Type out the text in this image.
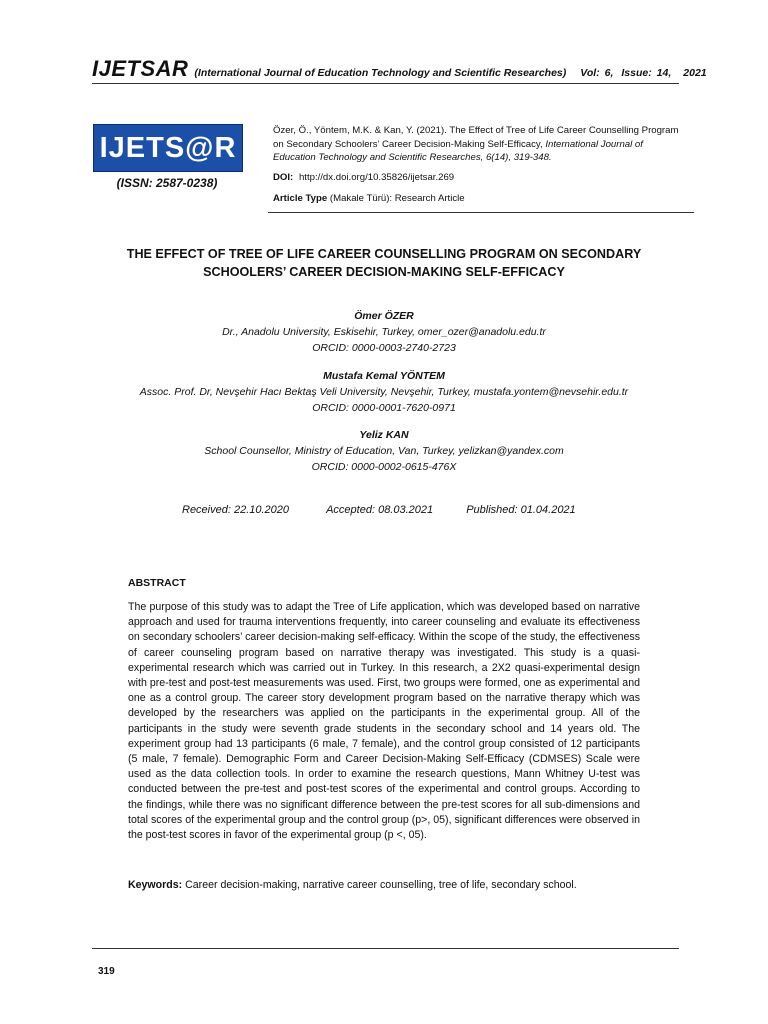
IJETSAR (International Journal of Education Technology and Scientific Researches) Vol: 6, Issue: 14, 2021
IJETS@R
(ISSN: 2587-0238)
Özer, Ö., Yöntem, M.K. & Kan, Y. (2021). The Effect of Tree of Life Career Counselling Program on Secondary Schoolers’ Career Decision-Making Self-Efficacy, International Journal of Education Technology and Scientific Researches, 6(14), 319-348.
DOI: http://dx.doi.org/10.35826/ijetsar.269
Article Type (Makale Türü): Research Article
THE EFFECT OF TREE OF LIFE CAREER COUNSELLING PROGRAM ON SECONDARY
SCHOOLERS’ CAREER DECISION-MAKING SELF-EFFICACY
Ömer ÖZER
Dr., Anadolu University, Eskisehir, Turkey, omer_ozer@anadolu.edu.tr
ORCID: 0000-0003-2740-2723
Mustafa Kemal YÖNTEM
Assoc. Prof. Dr, Nevşehir Hacı Bektaş Veli University, Nevşehir, Turkey, mustafa.yontem@nevsehir.edu.tr
ORCID: 0000-0001-7620-0971
Yeliz KAN
School Counsellor, Ministry of Education, Van, Turkey, yelizkan@yandex.com
ORCID: 0000-0002-0615-476X
Received: 22.10.2020	Accepted: 08.03.2021	Published: 01.04.2021
ABSTRACT
The purpose of this study was to adapt the Tree of Life application, which was developed based on narrative approach and used for trauma interventions frequently, into career counseling and evaluate its effectiveness on secondary schoolers’ career decision-making self-efficacy. Within the scope of the study, the effectiveness of career counseling program based on narrative therapy was investigated. This study is a quasi-experimental research which was carried out in Turkey. In this research, a 2X2 quasi-experimental design with pre-test and post-test measurements was used. First, two groups were formed, one as experimental and one as a control group. The career story development program based on the narrative therapy which was developed by the researchers was applied on the participants in the experimental group. All of the participants in the study were seventh grade students in the secondary school and 14 years old. The experiment group had 13 participants (6 male, 7 female), and the control group consisted of 12 participants (5 male, 7 female). Demographic Form and Career Decision-Making Self-Efficacy (CDMSES) Scale were used as the data collection tools. In order to examine the research questions, Mann Whitney U-test was conducted between the pre-test and post-test scores of the experimental and control groups. According to the findings, while there was no significant difference between the pre-test scores for all sub-dimensions and total scores of the experimental group and the control group (p>, 05), significant differences were observed in the post-test scores in favor of the experimental group (p <, 05).
Keywords: Career decision-making, narrative career counselling, tree of life, secondary school.
319
